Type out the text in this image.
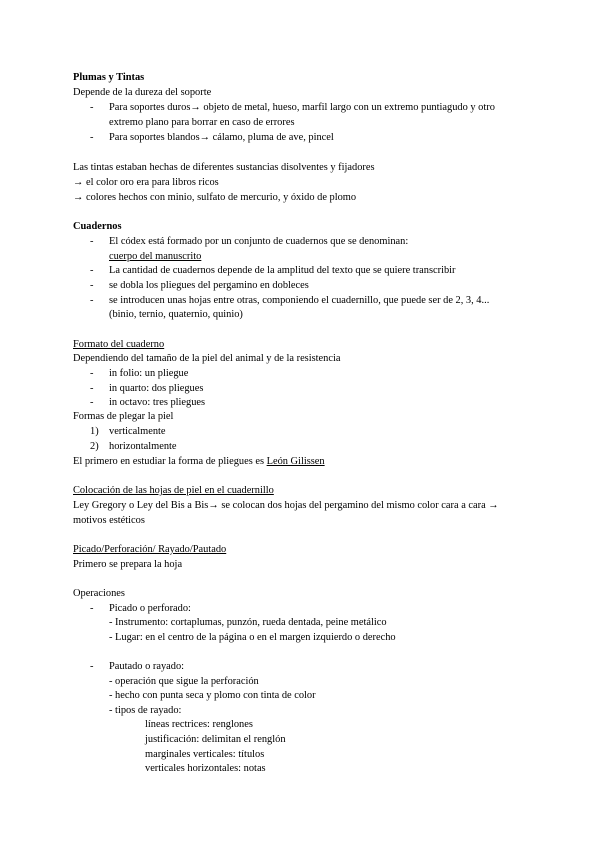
Plumas y Tintas
Depende de la dureza del soporte
- Para soportes duros→ objeto de metal, hueso, marfil largo con un extremo puntiagudo y otro
extremo plano para borrar en caso de errores
- Para soportes blandos→ cálamo, pluma de ave, pincel
Las tintas estaban hechas de diferentes sustancias disolventes y fijadores
→ el color oro era para libros ricos
→ colores hechos con minio, sulfato de mercurio, y óxido de plomo
Cuadernos
- El códex está formado por un conjunto de cuadernos que se denominan:
cuerpo del manuscrito
- La cantidad de cuadernos depende de la amplitud del texto que se quiere transcribir
- se dobla los pliegues del pergamino en dobleces
- se introducen unas hojas entre otras, componiendo el cuadernillo, que puede ser de 2, 3, 4...
(binio, ternio, quaternio, quinio)
Formato del cuaderno
Dependiendo del tamaño de la piel del animal y de la resistencia
- in folio: un pliegue
- in quarto: dos pliegues
- in octavo: tres pliegues
Formas de plegar la piel
1) verticalmente
2) horizontalmente
El primero en estudiar la forma de pliegues es León Gilissen
Colocación de las hojas de piel en el cuadernillo
Ley Gregory o Ley del Bis a Bis→ se colocan dos hojas del pergamino del mismo color cara a cara →
motivos estéticos
Picado/Perforación/ Rayado/Pautado
Primero se prepara la hoja
Operaciones
- Picado o perforado:
- Instrumento: cortaplumas, punzón, rueda dentada, peine metálico
- Lugar: en el centro de la página o en el margen izquierdo o derecho
- Pautado o rayado:
- operación que sigue la perforación
- hecho con punta seca y plomo con tinta de color
- tipos de rayado:
líneas rectrices: renglones
justificación: delimitan el renglón
marginales verticales: títulos
verticales horizontales: notas
